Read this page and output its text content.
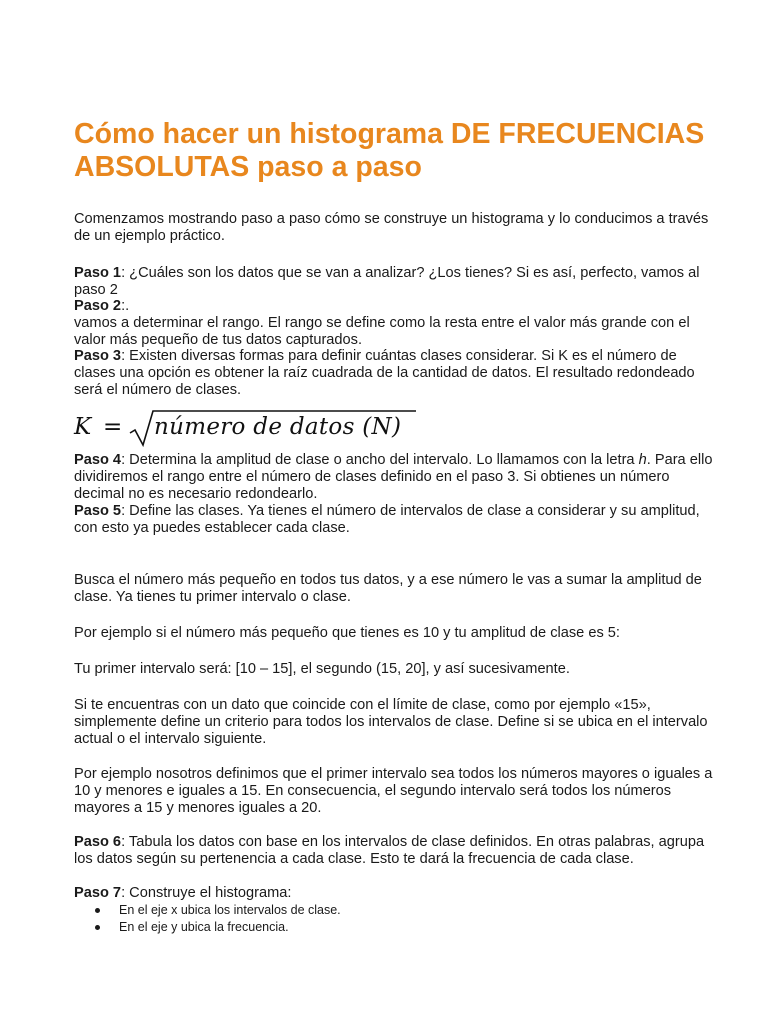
Cómo hacer un histograma DE FRECUENCIAS ABSOLUTAS paso a paso

Comenzamos mostrando paso a paso cómo se construye un histograma y lo conducimos a través de un ejemplo práctico.

Paso 1: ¿Cuáles son los datos que se van a analizar? ¿Los tienes? Si es así, perfecto, vamos al paso 2

Paso 2:.
vamos a determinar el rango. El rango se define como la resta entre el valor más grande con el valor más pequeño de tus datos capturados.

Paso 3: Existen diversas formas para definir cuántas clases considerar. Si K es el número de clases una opción es obtener la raíz cuadrada de la cantidad de datos. El resultado redondeado será el número de clases.

K = número de datos (N)

Paso 4: Determina la amplitud de clase o ancho del intervalo. Lo llamamos con la letra h. Para ello dividiremos el rango entre el número de clases definido en el paso 3. Si obtienes un número decimal no es necesario redondearlo.

Paso 5: Define las clases. Ya tienes el número de intervalos de clase a considerar y su amplitud, con esto ya puedes establecer cada clase.

Busca el número más pequeño en todos tus datos, y a ese número le vas a sumar la amplitud de clase. Ya tienes tu primer intervalo o clase.

Por ejemplo si el número más pequeño que tienes es 10 y tu amplitud de clase es 5:

Tu primer intervalo será: [10 – 15], el segundo (15, 20], y así sucesivamente.

Si te encuentras con un dato que coincide con el límite de clase, como por ejemplo «15», simplemente define un criterio para todos los intervalos de clase. Define si se ubica en el intervalo actual o el intervalo siguiente.

Por ejemplo nosotros definimos que el primer intervalo sea todos los números mayores o iguales a 10 y menores e iguales a 15. En consecuencia, el segundo intervalo será todos los números mayores a 15 y menores iguales a 20.

Paso 6: Tabula los datos con base en los intervalos de clase definidos. En otras palabras, agrupa los datos según su pertenencia a cada clase. Esto te dará la frecuencia de cada clase.

Paso 7: Construye el histograma:

En el eje x ubica los intervalos de clase.
En el eje y ubica la frecuencia.
